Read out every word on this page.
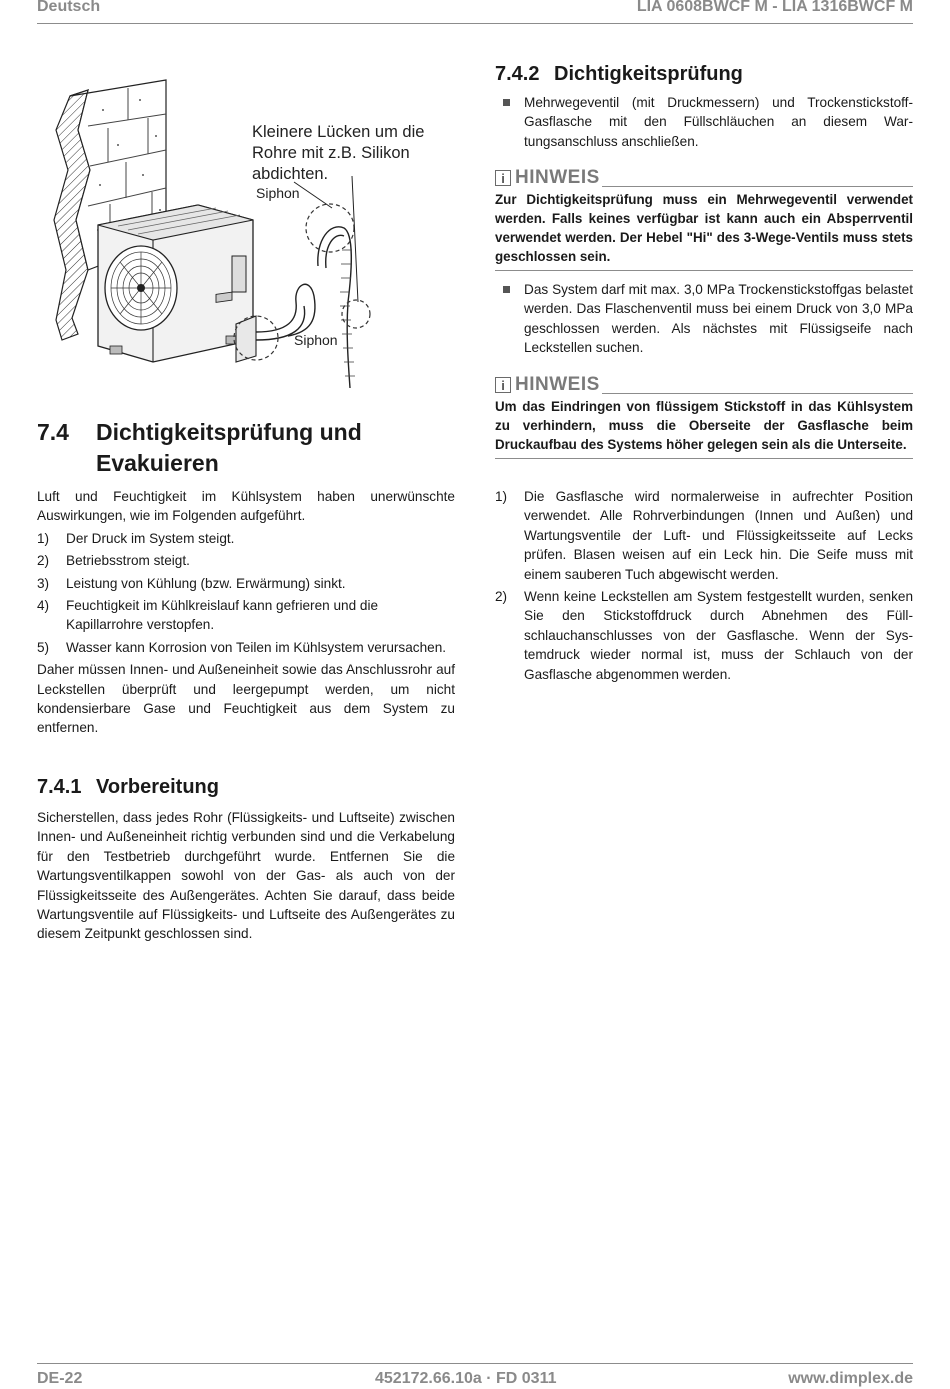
Deutsch	LIA 0608BWCF M - LIA 1316BWCF M
Kleinere Lücken um die
Rohre mit z.B. Silikon
abdichten.
Siphon
Siphon
7.4 Dichtigkeitsprüfung und
Evakuieren

Luft und Feuchtigkeit im Kühlsystem haben unerwünschte Auswirkungen, wie im Folgenden aufgeführt.

1) Der Druck im System steigt.
2) Betriebsstrom steigt.
3) Leistung von Kühlung (bzw. Erwärmung) sinkt.
4) Feuchtigkeit im Kühlkreislauf kann gefrieren und die Kapillarrohre verstopfen.
5) Wasser kann Korrosion von Teilen im Kühlsystem verursachen.

Daher müssen Innen- und Außeneinheit sowie das Anschlussrohr auf Leckstellen überprüft und leergepumpt werden, um nicht kondensierbare Gase und Feuchtigkeit aus dem System zu entfernen.

7.4.1 Vorbereitung

Sicherstellen, dass jedes Rohr (Flüssigkeits- und Luftseite) zwischen Innen- und Außeneinheit richtig verbunden sind und die Verkabelung für den Testbetrieb durchgeführt wurde. Entfernen Sie die Wartungsventilkappen sowohl von der Gas- als auch von der Flüssigkeitsseite des Außengerätes. Achten Sie darauf, dass beide Wartungsventile auf Flüssigkeits- und Luftseite des Außengerätes zu diesem Zeitpunkt geschlossen sind.

7.4.2 Dichtigkeitsprüfung
Mehrwegeventil (mit Druckmessern) und Trockenstickstoff-Gasflasche mit den Füllschläuchen an diesem Wartungsanschluss anschließen.
i HINWEIS
Zur Dichtigkeitsprüfung muss ein Mehrwegeventil verwendet werden. Falls keines verfügbar ist kann auch ein Absperrventil verwendet werden. Der Hebel "Hi" des 3-Wege-Ventils muss stets geschlossen sein.
Das System darf mit max. 3,0 MPa Trockenstickstoffgas belastet werden. Das Flaschenventil muss bei einem Druck von 3,0 MPa geschlossen werden. Als nächstes mit Flüssigseife nach Leckstellen suchen.
i HINWEIS
Um das Eindringen von flüssigem Stickstoff in das Kühlsystem zu verhindern, muss die Oberseite der Gasflasche beim Druckaufbau des Systems höher gelegen sein als die Unterseite.
1) Die Gasflasche wird normalerweise in aufrechter Position verwendet. Alle Rohrverbindungen (Innen und Außen) und Wartungsventile der Luft- und Flüssigkeitsseite auf Lecks prüfen. Blasen weisen auf ein Leck hin. Die Seife muss mit einem sauberen Tuch abgewischt werden.
2) Wenn keine Leckstellen am System festgestellt wurden, senken Sie den Stickstoffdruck durch Abnehmen des Füllschlauchanschlusses von der Gasflasche. Wenn der Systemdruck wieder normal ist, muss der Schlauch von der Gasflasche abgenommen werden.
DE-22	452172.66.10a · FD 0311	www.dimplex.de
